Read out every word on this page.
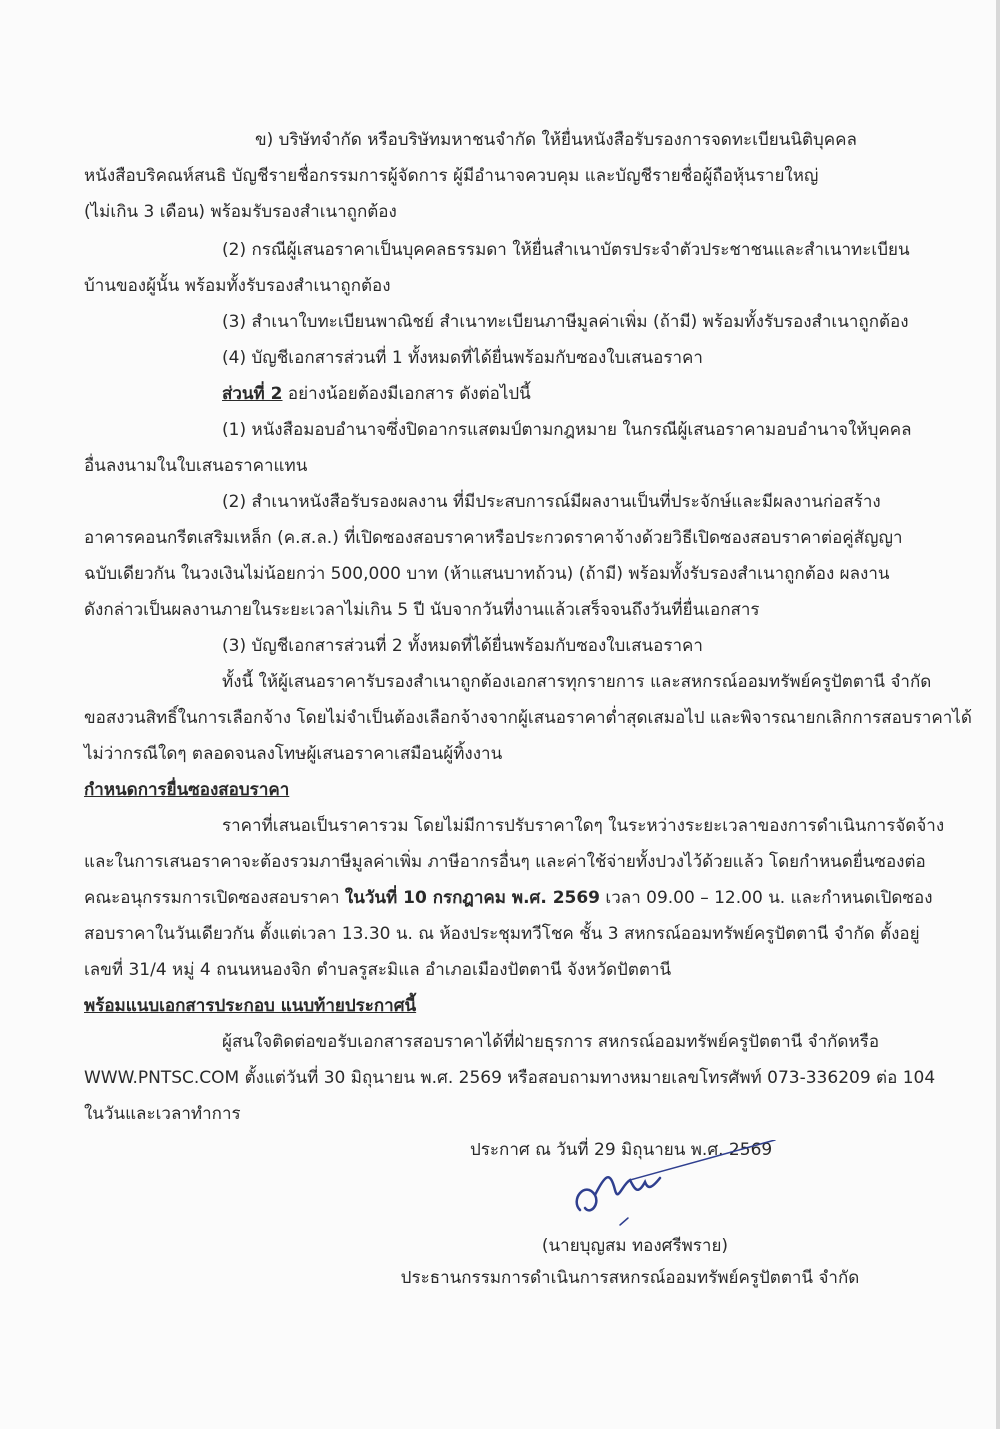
ข) บริษัทจำกัด หรือบริษัทมหาชนจำกัด ให้ยื่นหนังสือรับรองการจดทะเบียนนิติบุคคล
หนังสือบริคณห์สนธิ บัญชีรายชื่อกรรมการผู้จัดการ ผู้มีอำนาจควบคุม และบัญชีรายชื่อผู้ถือหุ้นรายใหญ่
(ไม่เกิน 3 เดือน) พร้อมรับรองสำเนาถูกต้อง
(2) กรณีผู้เสนอราคาเป็นบุคคลธรรมดา ให้ยื่นสำเนาบัตรประจำตัวประชาชนและสำเนาทะเบียน
บ้านของผู้นั้น พร้อมทั้งรับรองสำเนาถูกต้อง
(3) สำเนาใบทะเบียนพาณิชย์ สำเนาทะเบียนภาษีมูลค่าเพิ่ม (ถ้ามี) พร้อมทั้งรับรองสำเนาถูกต้อง
(4) บัญชีเอกสารส่วนที่ 1 ทั้งหมดที่ได้ยื่นพร้อมกับซองใบเสนอราคา
ส่วนที่ 2 อย่างน้อยต้องมีเอกสาร ดังต่อไปนี้
(1) หนังสือมอบอำนาจซึ่งปิดอากรแสตมป์ตามกฎหมาย ในกรณีผู้เสนอราคามอบอำนาจให้บุคคล
อื่นลงนามในใบเสนอราคาแทน
(2) สำเนาหนังสือรับรองผลงาน ที่มีประสบการณ์มีผลงานเป็นที่ประจักษ์และมีผลงานก่อสร้าง
อาคารคอนกรีตเสริมเหล็ก (ค.ส.ล.) ที่เปิดซองสอบราคาหรือประกวดราคาจ้างด้วยวิธีเปิดซองสอบราคาต่อคู่สัญญา
ฉบับเดียวกัน ในวงเงินไม่น้อยกว่า 500,000 บาท (ห้าแสนบาทถ้วน) (ถ้ามี) พร้อมทั้งรับรองสำเนาถูกต้อง ผลงาน
ดังกล่าวเป็นผลงานภายในระยะเวลาไม่เกิน 5 ปี นับจากวันที่งานแล้วเสร็จจนถึงวันที่ยื่นเอกสาร
(3) บัญชีเอกสารส่วนที่ 2 ทั้งหมดที่ได้ยื่นพร้อมกับซองใบเสนอราคา
ทั้งนี้ ให้ผู้เสนอราคารับรองสำเนาถูกต้องเอกสารทุกรายการ และสหกรณ์ออมทรัพย์ครูปัตตานี จำกัด
ขอสงวนสิทธิ์ในการเลือกจ้าง โดยไม่จำเป็นต้องเลือกจ้างจากผู้เสนอราคาต่ำสุดเสมอไป และพิจารณายกเลิกการสอบราคาได้
ไม่ว่ากรณีใดๆ ตลอดจนลงโทษผู้เสนอราคาเสมือนผู้ทิ้งงาน
กำหนดการยื่นซองสอบราคา
ราคาที่เสนอเป็นราคารวม โดยไม่มีการปรับราคาใดๆ ในระหว่างระยะเวลาของการดำเนินการจัดจ้าง
และในการเสนอราคาจะต้องรวมภาษีมูลค่าเพิ่ม ภาษีอากรอื่นๆ และค่าใช้จ่ายทั้งปวงไว้ด้วยแล้ว โดยกำหนดยื่นซองต่อ
คณะอนุกรรมการเปิดซองสอบราคา ในวันที่ 10 กรกฎาคม พ.ศ. 2569 เวลา 09.00 – 12.00 น. และกำหนดเปิดซอง
สอบราคาในวันเดียวกัน ตั้งแต่เวลา 13.30 น. ณ ห้องประชุมทวีโชค ชั้น 3 สหกรณ์ออมทรัพย์ครูปัตตานี จำกัด ตั้งอยู่
เลขที่ 31/4 หมู่ 4 ถนนหนองจิก ตำบลรูสะมิแล อำเภอเมืองปัตตานี จังหวัดปัตตานี
พร้อมแนบเอกสารประกอบ แนบท้ายประกาศนี้
ผู้สนใจติดต่อขอรับเอกสารสอบราคาได้ที่ฝ่ายธุรการ สหกรณ์ออมทรัพย์ครูปัตตานี จำกัดหรือ
WWW.PNTSC.COM ตั้งแต่วันที่ 30 มิถุนายน พ.ศ. 2569 หรือสอบถามทางหมายเลขโทรศัพท์ 073-336209 ต่อ 104
ในวันและเวลาทำการ
ประกาศ ณ วันที่ 29 มิถุนายน พ.ศ. 2569
(นายบุญสม ทองศรีพราย)
ประธานกรรมการดำเนินการสหกรณ์ออมทรัพย์ครูปัตตานี จำกัด
